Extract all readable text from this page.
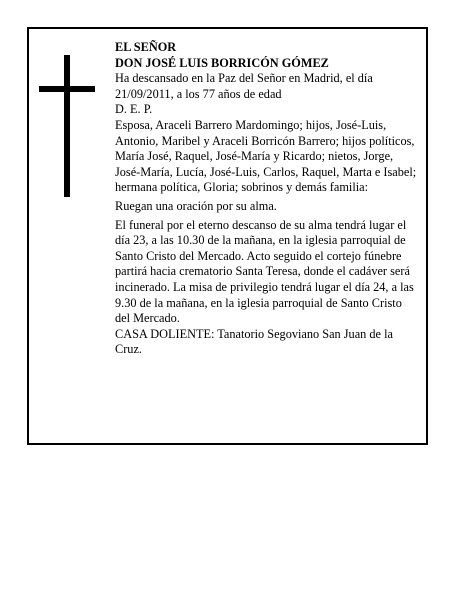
EL SEÑOR

DON JOSÉ LUIS BORRICÓN GÓMEZ

Ha descansado en la Paz del Señor en Madrid, el día 21/09/2011, a los 77 años de edad

D. E. P.

Esposa, Araceli Barrero Mardomingo; hijos, José-Luis, Antonio, Maribel y Araceli Borricón Barrero; hijos políticos, María José, Raquel, José-María y Ricardo; nietos, Jorge, José-María, Lucía, José-Luis, Carlos, Raquel, Marta e Isabel; hermana política, Gloria; sobrinos y demás familia:

Ruegan una oración por su alma.

El funeral por el eterno descanso de su alma tendrá lugar el día 23, a las 10.30 de la mañana, en la iglesia parroquial de Santo Cristo del Mercado. Acto seguido el cortejo fúnebre partirá hacia crematorio Santa Teresa, donde el cadáver será incinerado. La misa de privilegio tendrá lugar el día 24, a las 9.30 de la mañana, en la iglesia parroquial de Santo Cristo del Mercado.

CASA DOLIENTE: Tanatorio Segoviano San Juan de la Cruz.
